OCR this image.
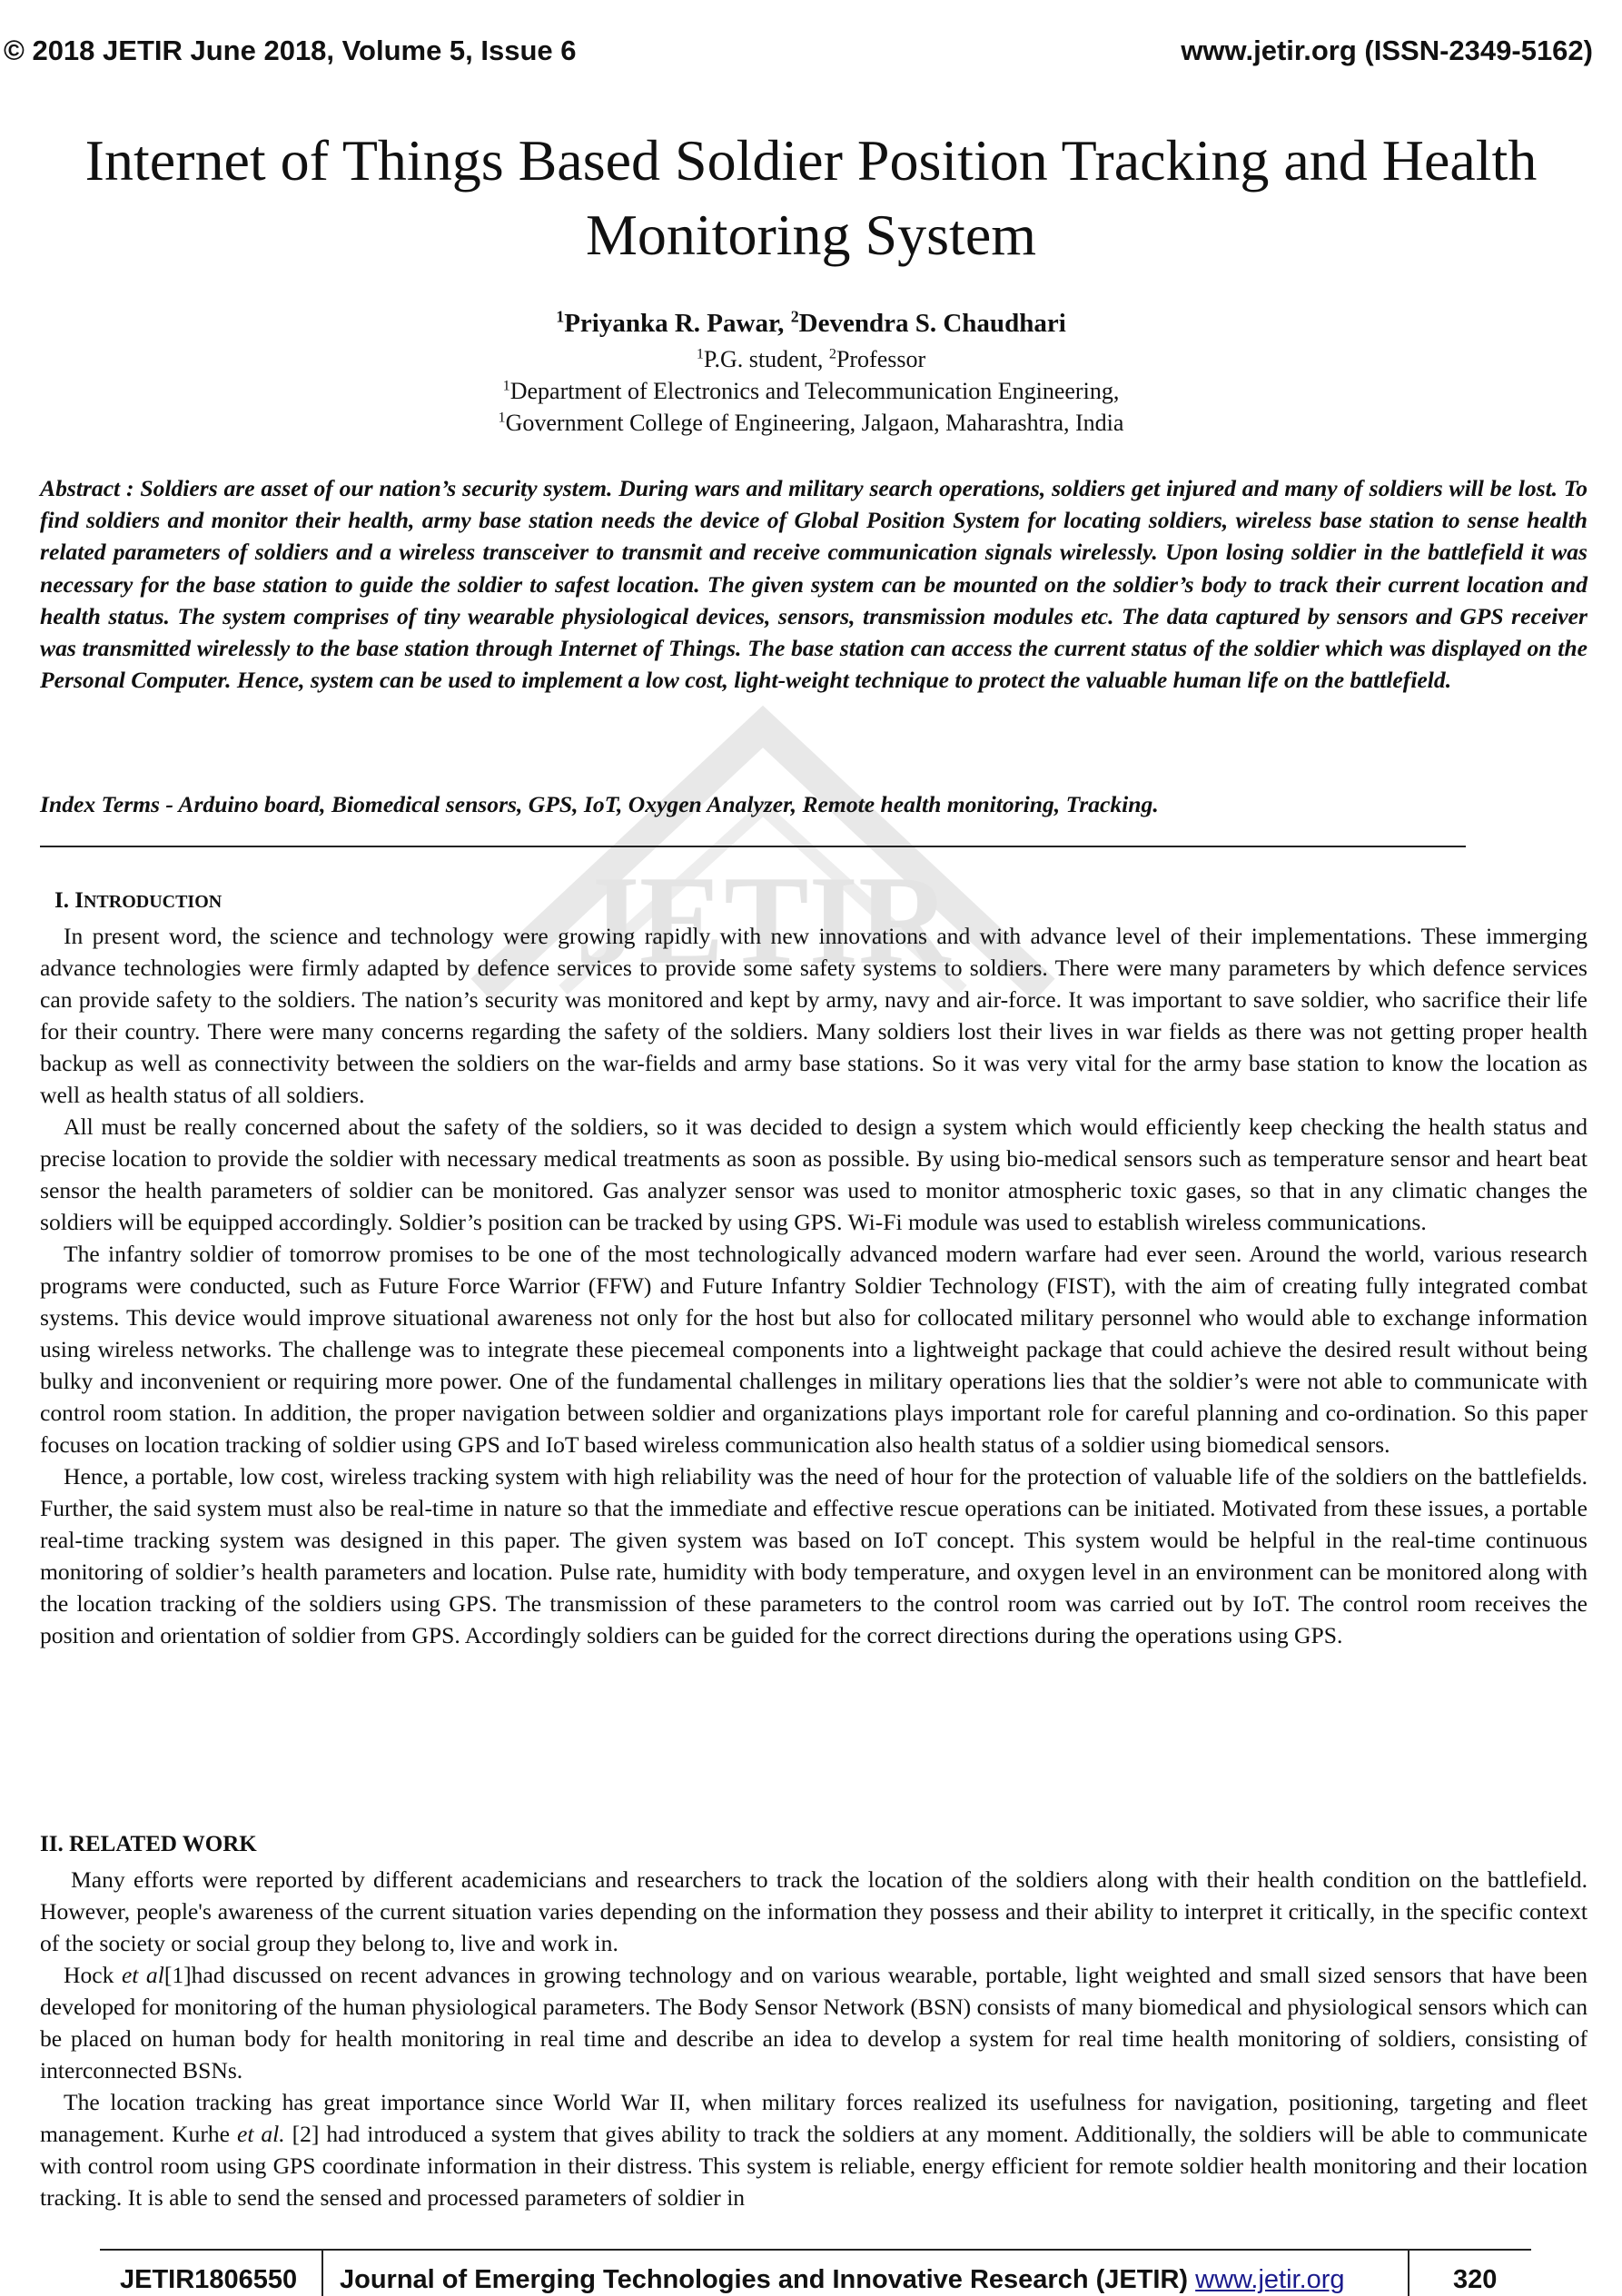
© 2018 JETIR June 2018, Volume 5, Issue 6	www.jetir.org (ISSN-2349-5162)
JETIR
Internet of Things Based Soldier Position Tracking and Health Monitoring System
$^1$Priyanka R. Pawar, $^2$Devendra S. Chaudhari
$^1$P.G. student, $^2$Professor
$^1$Department of Electronics and Telecommunication Engineering,
$^1$Government College of Engineering, Jalgaon, Maharashtra, India
Abstract : Soldiers are asset of our nation’s security system. During wars and military search operations, soldiers get injured and many of soldiers will be lost. To find soldiers and monitor their health, army base station needs the device of Global Position System for locating soldiers, wireless base station to sense health related parameters of soldiers and a wireless transceiver to transmit and receive communication signals wirelessly. Upon losing soldier in the battlefield it was necessary for the base station to guide the soldier to safest location. The given system can be mounted on the soldier’s body to track their current location and health status. The system comprises of tiny wearable physiological devices, sensors, transmission modules etc. The data captured by sensors and GPS receiver was transmitted wirelessly to the base station through Internet of Things. The base station can access the current status of the soldier which was displayed on the Personal Computer. Hence, system can be used to implement a low cost, light-weight technique to protect the valuable human life on the battlefield.
Index Terms - Arduino board, Biomedical sensors, GPS, IoT, Oxygen Analyzer, Remote health monitoring, Tracking.
I. INTRODUCTION

In present word, the science and technology were growing rapidly with new innovations and with advance level of their implementations. These immerging advance technologies were firmly adapted by defence services to provide some safety systems to soldiers. There were many parameters by which defence services can provide safety to the soldiers. The nation’s security was monitored and kept by army, navy and air-force. It was important to save soldier, who sacrifice their life for their country. There were many concerns regarding the safety of the soldiers. Many soldiers lost their lives in war fields as there was not getting proper health backup as well as connectivity between the soldiers on the war-fields and army base stations. So it was very vital for the army base station to know the location as well as health status of all soldiers.

All must be really concerned about the safety of the soldiers, so it was decided to design a system which would efficiently keep checking the health status and precise location to provide the soldier with necessary medical treatments as soon as possible. By using bio-medical sensors such as temperature sensor and heart beat sensor the health parameters of soldier can be monitored. Gas analyzer sensor was used to monitor atmospheric toxic gases, so that in any climatic changes the soldiers will be equipped accordingly. Soldier’s position can be tracked by using GPS. Wi-Fi module was used to establish wireless communications.

The infantry soldier of tomorrow promises to be one of the most technologically advanced modern warfare had ever seen. Around the world, various research programs were conducted, such as Future Force Warrior (FFW) and Future Infantry Soldier Technology (FIST), with the aim of creating fully integrated combat systems. This device would improve situational awareness not only for the host but also for collocated military personnel who would able to exchange information using wireless networks. The challenge was to integrate these piecemeal components into a lightweight package that could achieve the desired result without being bulky and inconvenient or requiring more power. One of the fundamental challenges in military operations lies that the soldier’s were not able to communicate with control room station. In addition, the proper navigation between soldier and organizations plays important role for careful planning and co-ordination. So this paper focuses on location tracking of soldier using GPS and IoT based wireless communication also health status of a soldier using biomedical sensors.

Hence, a portable, low cost, wireless tracking system with high reliability was the need of hour for the protection of valuable life of the soldiers on the battlefields. Further, the said system must also be real-time in nature so that the immediate and effective rescue operations can be initiated. Motivated from these issues, a portable real-time tracking system was designed in this paper. The given system was based on IoT concept. This system would be helpful in the real-time continuous monitoring of soldier’s health parameters and location. Pulse rate, humidity with body temperature, and oxygen level in an environment can be monitored along with the location tracking of the soldiers using GPS. The transmission of these parameters to the control room was carried out by IoT. The control room receives the position and orientation of soldier from GPS. Accordingly soldiers can be guided for the correct directions during the operations using GPS.

II. RELATED WORK

Many efforts were reported by different academicians and researchers to track the location of the soldiers along with their health condition on the battlefield. However, people's awareness of the current situation varies depending on the information they possess and their ability to interpret it critically, in the specific context of the society or social group they belong to, live and work in.

Hock et al[1]had discussed on recent advances in growing technology and on various wearable, portable, light weighted and small sized sensors that have been developed for monitoring of the human physiological parameters. The Body Sensor Network (BSN) consists of many biomedical and physiological sensors which can be placed on human body for health monitoring in real time and describe an idea to develop a system for real time health monitoring of soldiers, consisting of interconnected BSNs.

The location tracking has great importance since World War II, when military forces realized its usefulness for navigation, positioning, targeting and fleet management. Kurhe et al. [2] had introduced a system that gives ability to track the soldiers at any moment. Additionally, the soldiers will be able to communicate with control room using GPS coordinate information in their distress. This system is reliable, energy efficient for remote soldier health monitoring and their location tracking. It is able to send the sensed and processed parameters of soldier in

JETIR1806550 Journal of Emerging Technologies and Innovative Research (JETIR) www.jetir.org	320
